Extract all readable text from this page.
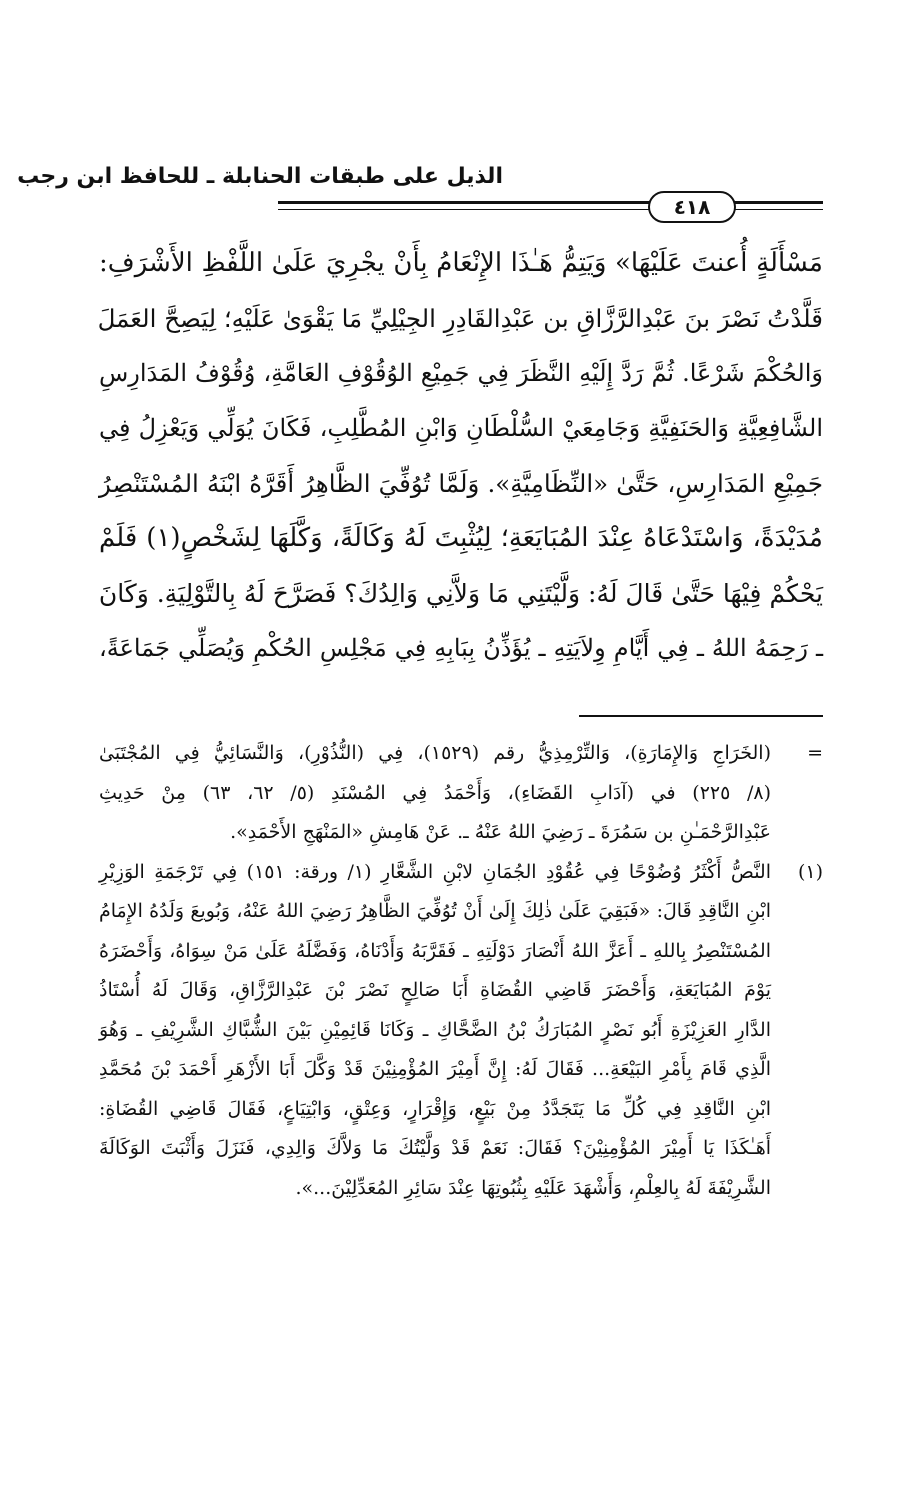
الذيل على طبقات الحنابلة ـ للحافظ ابن رجب
٤١٨
مَسْأَلَةٍ أُعنتَ عَلَيْهَا» وَيَتِمُّ هَـٰذَا الإِنْعَامُ بِأَنْ يجْرِيَ عَلَىٰ اللَّفْظِ الأَشْرَفِ:
قَلَّدْتُ نَصْرَ بنَ عَبْدِالرَّزَّاقِ بن عَبْدِالقَادِرِ الجِيْلِيِّ مَا يَقْوَىٰ عَلَيْهِ؛ لِيَصِحَّ العَمَلَ
وَالحُكْمَ شَرْعًا. ثُمَّ رَدَّ إِلَيْهِ النَّظَرَ فِي جَمِيْعِ الوُقُوْفِ العَامَّةِ، وُقُوْفُ المَدَارِسِ
الشَّافِعِيَّةِ وَالحَنَفِيَّةِ وَجَامِعَيْ السُّلْطَانِ وَابْنِ المُطَّلِبِ، فَكَانَ يُوَلِّي وَيَعْزِلُ فِي
جَمِيْعِ المَدَارِسِ، حَتَّىٰ «النِّظَامِيَّةِ». وَلَمَّا تُوُفِّيَ الظَّاهِرُ أَقَرَّهُ ابْنَهُ المُسْتَنْصِرُ
مُدَيْدَةً، وَاسْتَدْعَاهُ عِنْدَ المُبَايَعَةِ؛ لِيُثْبِتَ لَهُ وَكَالَةً، وَكَّلَهَا لِشَخْصٍ(١) فَلَمْ
يَحْكُمْ فِيْهَا حَتَّىٰ قَالَ لَهُ: وَلَّيْتَنِي مَا وَلاَّنِي وَالِدُكَ؟ فَصَرَّحَ لَهُ بِالتَّوْلِيَةِ. وَكَانَ
ـ رَحِمَهُ اللهُ ـ فِي أَيَّامِ وِلاَيَتِهِ ـ يُؤَذِّنُ بِبَابِهِ فِي مَجْلِسِ الحُكْمِ وَيُصَلِّي جَمَاعَةً،
=
(الخَرَاجِ وَالإِمَارَةِ)، وَالتِّرْمِذِيُّ رقم (١٥٢٩)، فِي (النُّذُوْرِ)، وَالنَّسَائِيُّ فِي المُجْتَبَىٰ
(٨/ ٢٢٥) في (آدَابِ القَضَاءِ)، وَأَحْمَدُ فِي المُسْنَدِ (٥/ ٦٢، ٦٣) مِنْ حَدِيثِ
عَبْدِالرَّحْمَـٰنِ بن سَمُرَةَ ـ رَضِيَ اللهُ عَنْهُ ـ. عَنْ هَامِشِ «المَنْهَجِ الأَحْمَدِ».
(١)
النَّصُّ أَكْثَرُ وُضُوْحًا فِي عُقُوْدِ الجُمَانِ لابْنِ الشَّعَّارِ (١/ ورقة: ١٥١) فِي تَرْجَمَةِ الوَزِيْرِ
ابْنِ النَّاقِدِ قَالَ: «فَبَقِيَ عَلَىٰ ذٰلِكَ إِلَىٰ أَنْ تُوُفِّيَ الظَّاهِرُ رَضِيَ اللهُ عَنْهُ، وَبُويعَ وَلَدُهُ الإِمَامُ
المُسْتَنْصِرُ بِاللهِ ـ أَعَزَّ اللهُ أَنْصَارَ دَوْلَتِهِ ـ فَقَرَّبَهُ وَأَدْنَاهُ، وَفَضَّلَهُ عَلَىٰ مَنْ سِوَاهُ، وَأَحْضَرَهُ
يَوْمَ المُبَايَعَةِ، وَأَحْضَرَ قَاضِي القُضَاةِ أَبَا صَالِحٍ نَصْرَ بْنَ عَبْدِالرَّزَّاقِ، وَقَالَ لَهُ أُسْتَاذُ
الدَّارِ العَزِيْزَةِ أَبُو نَصْرٍ المُبَارَكُ بْنُ الضَّحَّاكِ ـ وَكَانَا قَائِمِيْنِ بَيْنَ الشُّبَّاكِ الشَّرِيْفِ ـ وَهُوَ
الَّذِي قَامَ بِأَمْرِ البَيْعَةِ... فَقَالَ لَهُ: إِنَّ أَمِيْرَ المُؤْمِنِيْنَ قَدْ وَكَّلَ أَبَا الأَزْهَرِ أَحْمَدَ بْنَ مُحَمَّدِ
ابْنِ النَّاقِدِ فِي كُلِّ مَا يَتَجَدَّدُ مِنْ بَيْعٍ، وَإِقْرَارٍ، وَعِتْقٍ، وَابْتِيَاعٍ، فَقَالَ قَاضِي القُضَاةِ:
أَهَـٰكَذَا يَا أَمِيْرَ المُؤْمِنِيْنَ؟ فَقَالَ: نَعَمْ قَدْ وَلَّيْتُكَ مَا وَلاَّكَ وَالِدِي، فَنَزَلَ وَأَثْبَتَ الوَكَالَةَ
الشَّرِيْفَةَ لَهُ بِالعِلْمِ، وَأَشْهَدَ عَلَيْهِ بِثُبُوتِهَا عِنْدَ سَائِرِ المُعَدِّلِيْنَ...».
